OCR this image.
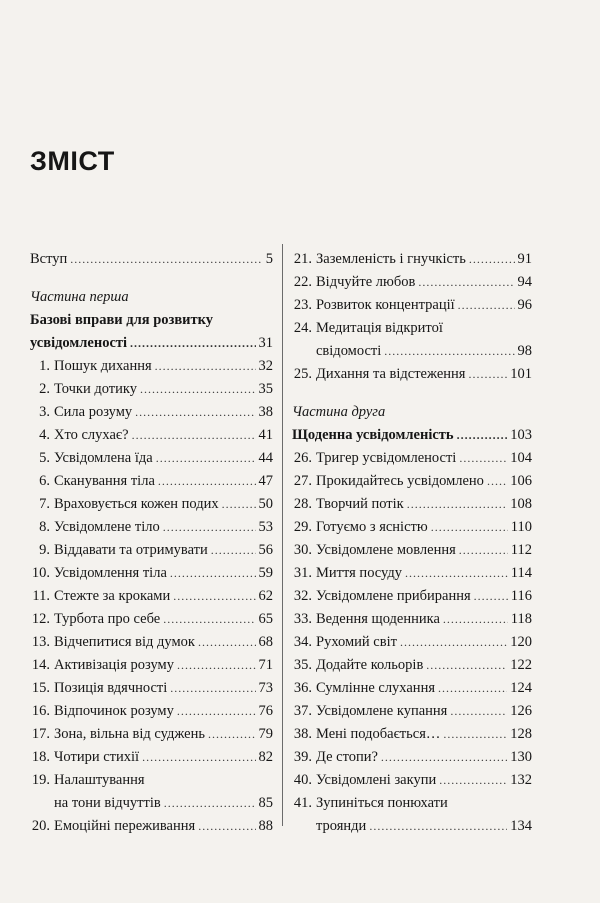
ЗМІСТ
Вступ .....	5
Частина перша
Базові вправи для розвитку
усвідомленості .....	31
1. Пошук дихання .....	32
2. Точки дотику .....	35
3. Сила розуму .....	38
4. Хто слухає? .....	41
5. Усвідомлена їда .....	44
6. Сканування тіла .....	47
7. Враховується кожен подих .....	50
8. Усвідомлене тіло .....	53
9. Віддавати та отримувати .....	56
10. Усвідомлення тіла .....	59
11. Стежте за кроками .....	62
12. Турбота про себе .....	65
13. Відчепитися від думок .....	68
14. Активізація розуму .....	71
15. Позиція вдячності .....	73
16. Відпочинок розуму .....	76
17. Зона, вільна від суджень .....	79
18. Чотири стихії .....	82
19. Налаштування
на тони відчуттів .....	85
20. Емоційні переживання .....	88
21. Заземленість і гнучкість .....	91
22. Відчуйте любов .....	94
23. Розвиток концентрації .....	96
24. Медитація відкритої
свідомості .....	98
25. Дихання та відстеження .....	101
Частина друга
Щоденна усвідомленість .....	103
26. Тригер усвідомленості .....	104
27. Прокидайтесь усвідомлено ..... 106
28. Творчий потік .....	108
29. Готуємо з ясністю .....	110
30. Усвідомлене мовлення .....	112
31. Миття посуду .....	114
32. Усвідомлене прибирання .....	116
33. Ведення щоденника .....	118
34. Рухомий світ .....	120
35. Додайте кольорів .....	122
36. Сумлінне слухання .....	124
37. Усвідомлене купання .....	126
38. Мені подобається… .....	128
39. Де стопи? .....	130
40. Усвідомлені закупи .....	132
41. Зупиніться понюхати
троянди .....	134
